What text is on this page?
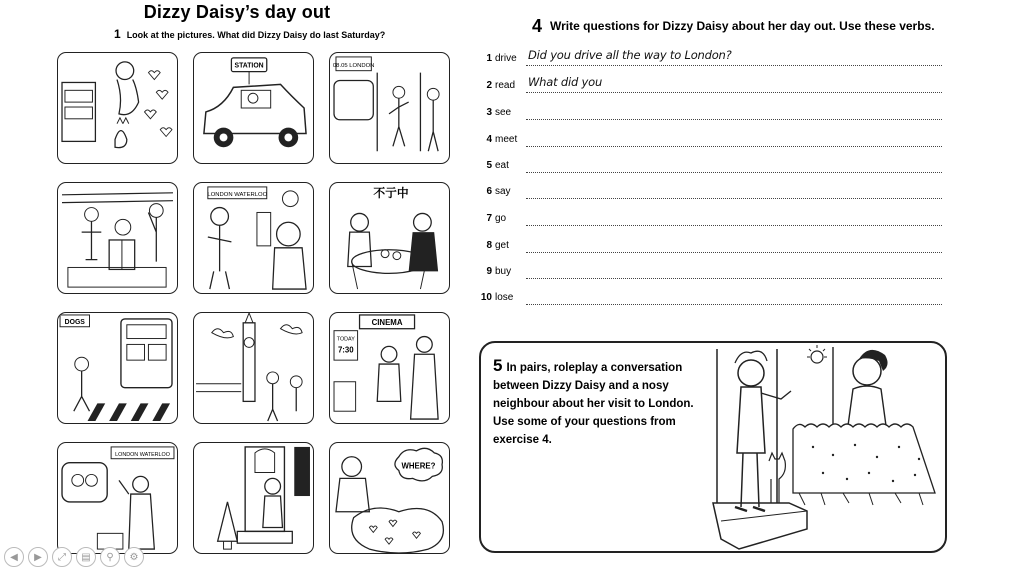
Dizzy Daisy’s day out
1 Look at the pictures. What did Dizzy Daisy do last Saturday?
STATION	08.05 LONDON
LONDON WATERLOO	不亍中
DOGS	CINEMA
TODAY
7:30
LONDON WATERLOO
WHERE?
4 Write questions for Dizzy Daisy about her day out. Use these verbs.
1 drive Did you drive all the way to London?
2 read What did you
3 see
4 meet
5 eat
6 say
7 go
8 get
9 buy
10 lose
5 In pairs, roleplay a conversation between Dizzy Daisy and a nosy neighbour about her visit to London. Use some of your questions from exercise 4.
◀	▶	⤢	▤	⚲	⚙
